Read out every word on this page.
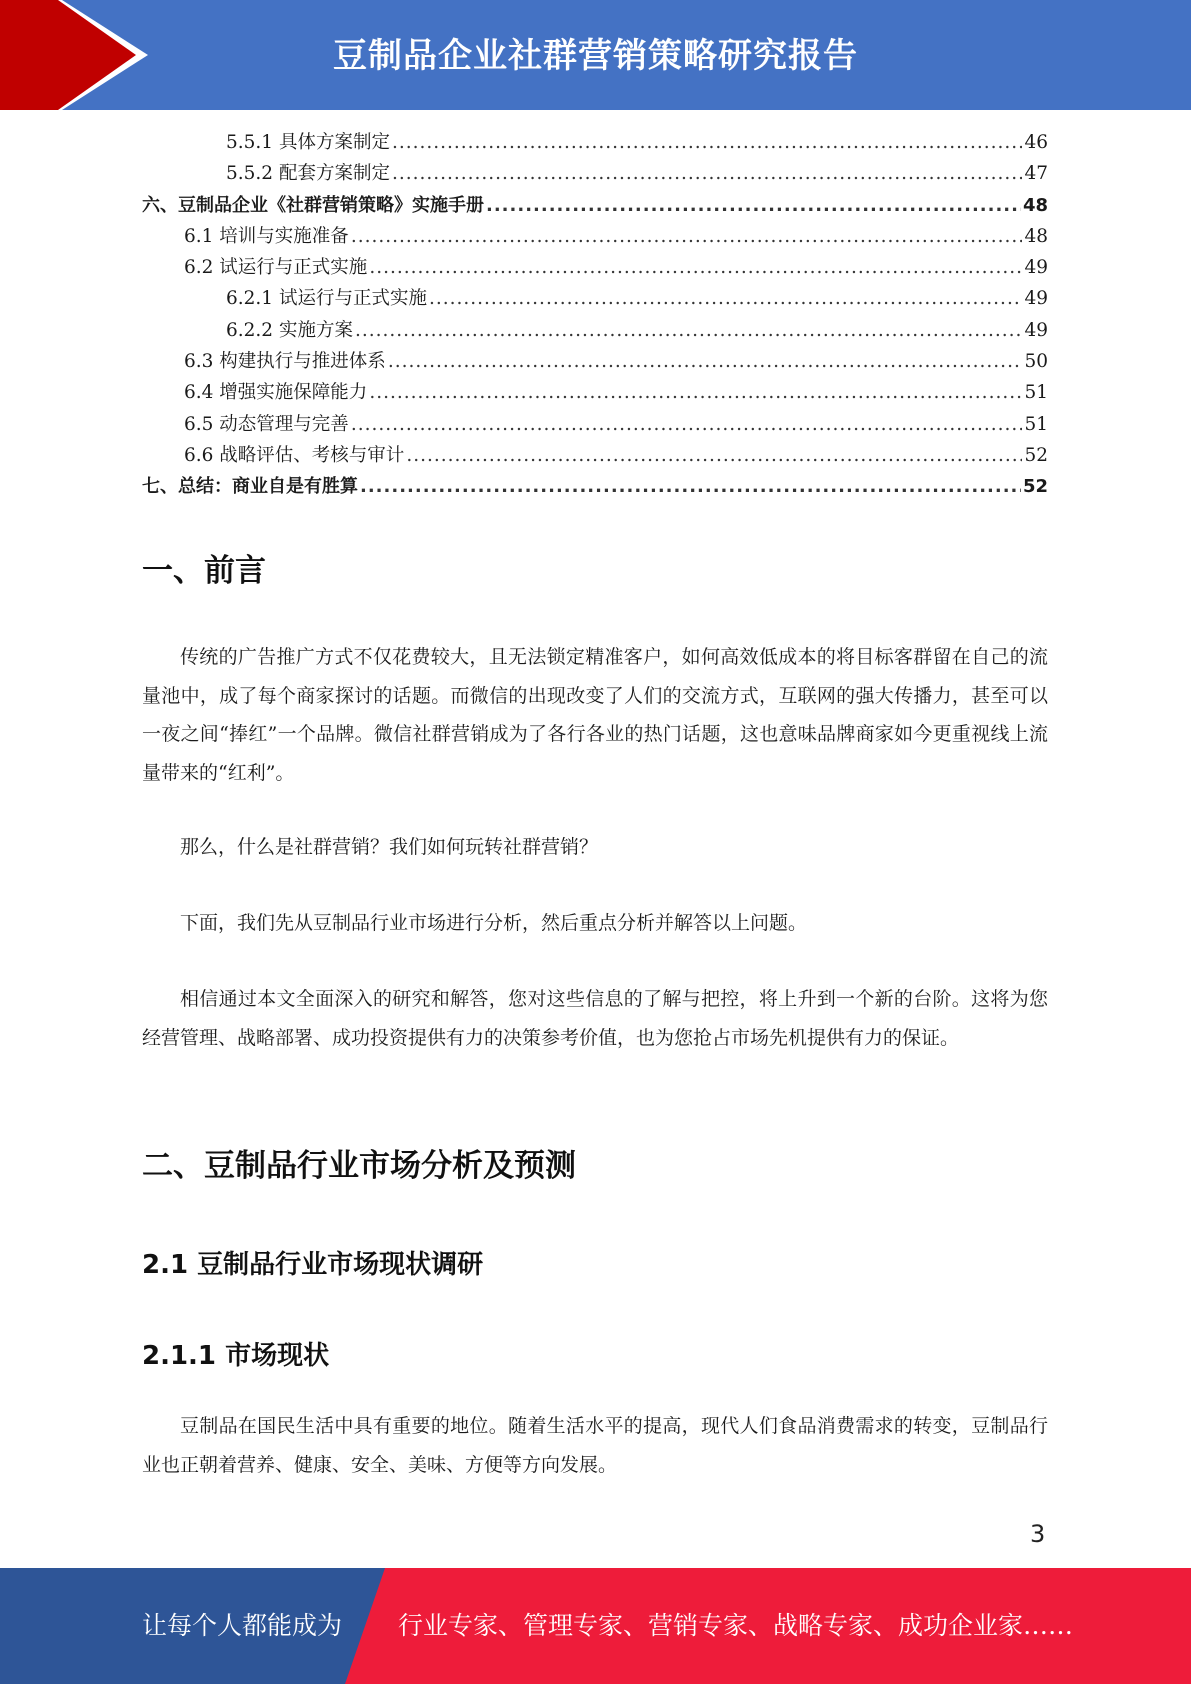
豆制品企业社群营销策略研究报告
5.5.1 具体方案制定 .....	46
5.5.2 配套方案制定 .....	47
六、豆制品企业《社群营销策略》实施手册 .....	48
6.1 培训与实施准备 .....	48
6.2 试运行与正式实施 .....	49
6.2.1 试运行与正式实施 .....	49
6.2.2 实施方案 .....	49
6.3 构建执行与推进体系 .....	50
6.4 增强实施保障能力 .....	51
6.5 动态管理与完善 .....	51
6.6 战略评估、考核与审计 .....	52
七、总结：商业自是有胜算 .....	52
一、前言

传统的广告推广方式不仅花费较大，且无法锁定精准客户，如何高效低成本的将目标客群留在自己的流量池中，成了每个商家探讨的话题。而微信的出现改变了人们的交流方式，互联网的强大传播力，甚至可以一夜之间“捧红”一个品牌。微信社群营销成为了各行各业的热门话题，这也意味品牌商家如今更重视线上流量带来的“红利”。

那么，什么是社群营销？我们如何玩转社群营销？

下面，我们先从豆制品行业市场进行分析，然后重点分析并解答以上问题。

相信通过本文全面深入的研究和解答，您对这些信息的了解与把控，将上升到一个新的台阶。这将为您经营管理、战略部署、成功投资提供有力的决策参考价值，也为您抢占市场先机提供有力的保证。

二、豆制品行业市场分析及预测
2.1 豆制品行业市场现状调研
2.1.1 市场现状

豆制品在国民生活中具有重要的地位。随着生活水平的提高，现代人们食品消费需求的转变，豆制品行业也正朝着营养、健康、安全、美味、方便等方向发展。

3
让每个人都能成为 行业专家、管理专家、营销专家、战略专家、成功企业家……
